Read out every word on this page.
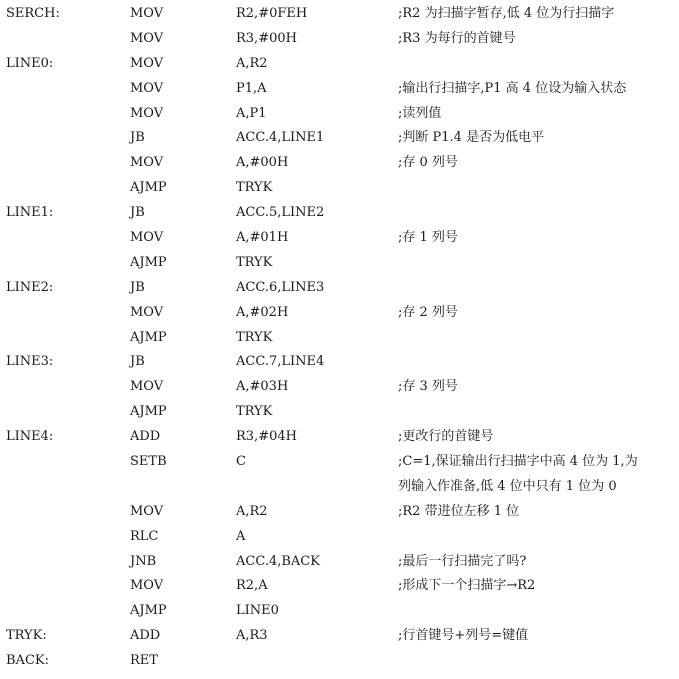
SERCH:	MOV	R2,#0FEH	;R2 为扫描字暂存,低 4 位为行扫描字
MOV	R3,#00H	;R3 为每行的首键号
LINE0:	MOV	A,R2
MOV	P1,A	;输出行扫描字,P1 高 4 位设为输入状态
MOV	A,P1	;读列值
JB	ACC.4,LINE1	;判断 P1.4 是否为低电平
MOV	A,#00H	;存 0 列号
AJMP	TRYK
LINE1:	JB	ACC.5,LINE2
MOV	A,#01H	;存 1 列号
AJMP	TRYK
LINE2:	JB	ACC.6,LINE3
MOV	A,#02H	;存 2 列号
AJMP	TRYK
LINE3:	JB	ACC.7,LINE4
MOV	A,#03H	;存 3 列号
AJMP	TRYK
LINE4:	ADD	R3,#04H	;更改行的首键号
SETB	C	;C=1,保证输出行扫描字中高 4 位为 1,为
列输入作准备,低 4 位中只有 1 位为 0
MOV	A,R2	;R2 带进位左移 1 位
RLC	A
JNB	ACC.4,BACK	;最后一行扫描完了吗?
MOV	R2,A	;形成下一个扫描字→R2
AJMP	LINE0
TRYK:	ADD	A,R3	;行首键号+列号=键值
BACK:	RET
